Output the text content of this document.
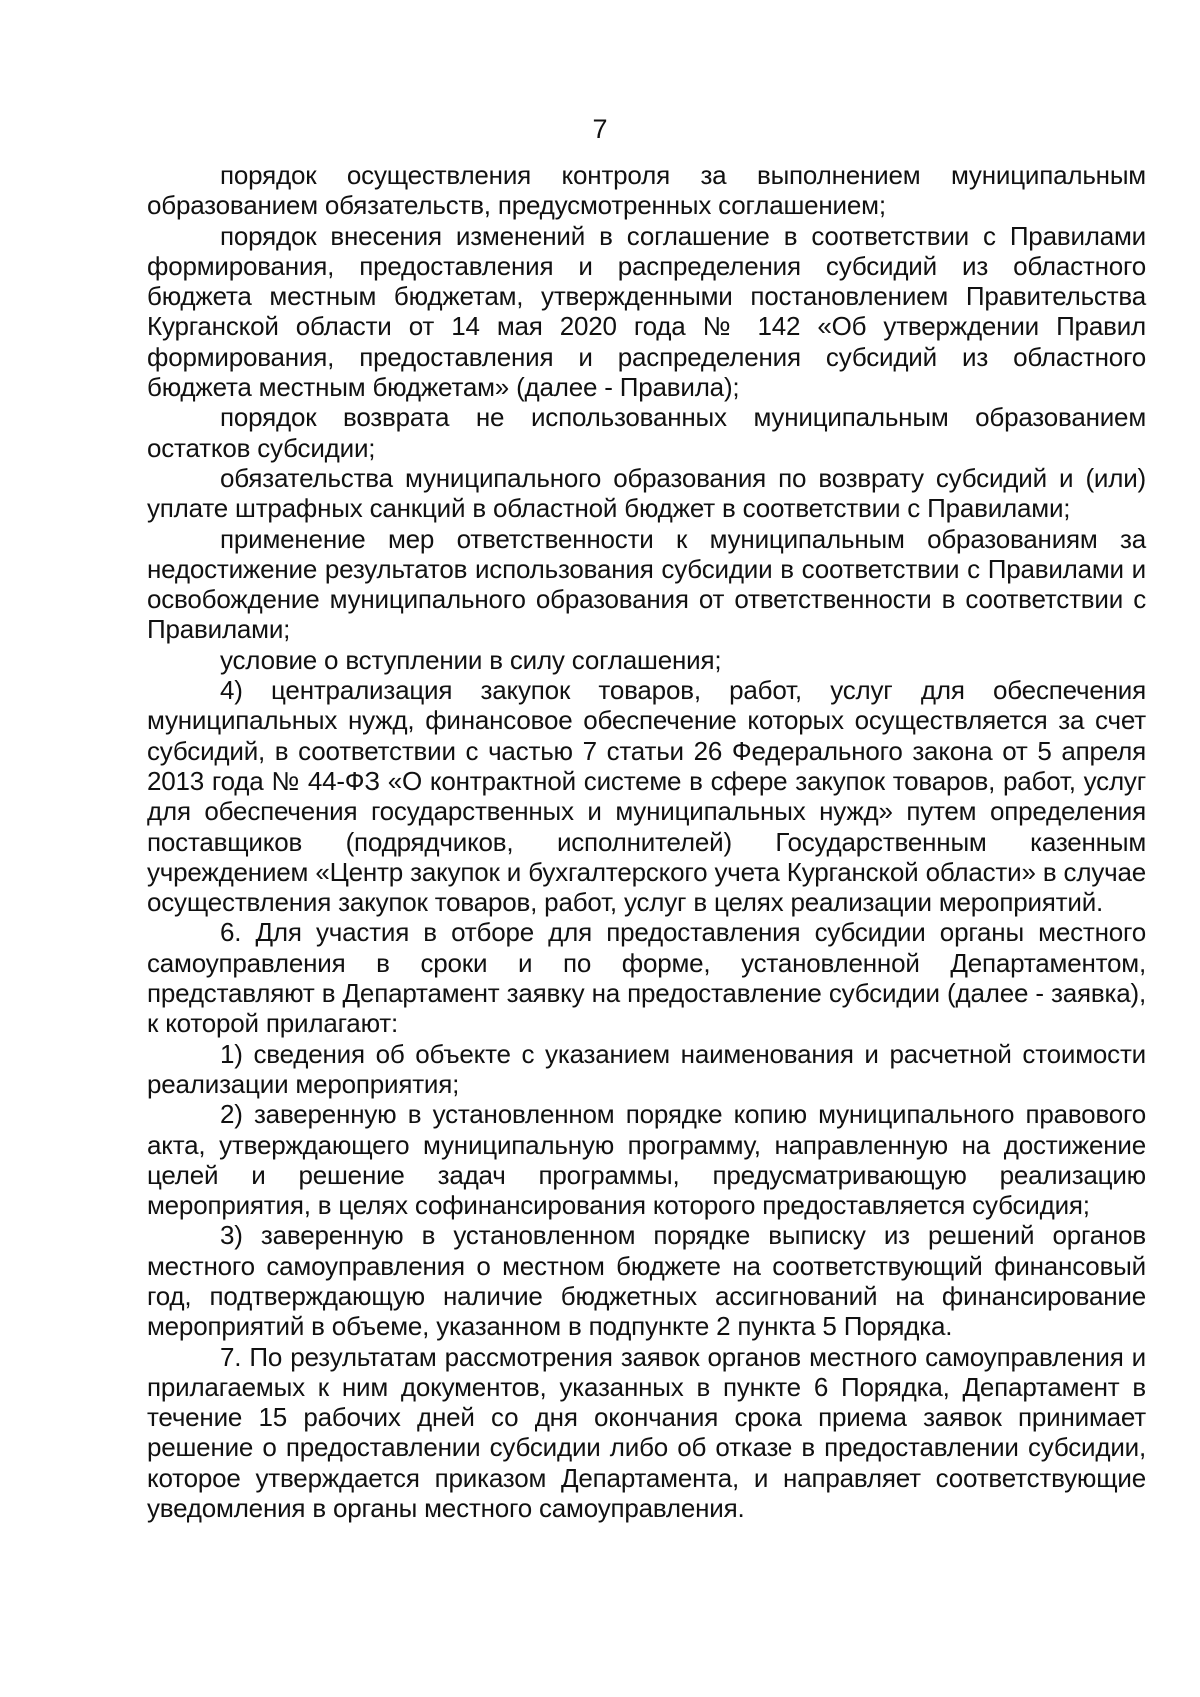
7

порядок осуществления контроля за выполнением муниципальным образованием обязательств, предусмотренных соглашением;

порядок внесения изменений в соглашение в соответствии с Правилами формирования, предоставления и распределения субсидий из областного бюджета местным бюджетам, утвержденными постановлением Правительства Курганской области от 14 мая 2020 года № 142 «Об утверждении Правил формирования, предоставления и распределения субсидий из областного бюджета местным бюджетам» (далее - Правила);

порядок возврата не использованных муниципальным образованием остатков субсидии;

обязательства муниципального образования по возврату субсидий и (или) уплате штрафных санкций в областной бюджет в соответствии с Правилами;

применение мер ответственности к муниципальным образованиям за недостижение результатов использования субсидии в соответствии с Правилами и освобождение муниципального образования от ответственности в соответствии с Правилами;

условие о вступлении в силу соглашения;

4) централизация закупок товаров, работ, услуг для обеспечения муниципальных нужд, финансовое обеспечение которых осуществляется за счет субсидий, в соответствии с частью 7 статьи 26 Федерального закона от 5 апреля 2013 года № 44-ФЗ «О контрактной системе в сфере закупок товаров, работ, услуг для обеспечения государственных и муниципальных нужд» путем определения поставщиков (подрядчиков, исполнителей) Государственным казенным учреждением «Центр закупок и бухгалтерского учета Курганской области» в случае осуществления закупок товаров, работ, услуг в целях реализации мероприятий.

6. Для участия в отборе для предоставления субсидии органы местного самоуправления в сроки и по форме, установленной Департаментом, представляют в Департамент заявку на предоставление субсидии (далее - заявка), к которой прилагают:

1) сведения об объекте с указанием наименования и расчетной стоимости реализации мероприятия;

2) заверенную в установленном порядке копию муниципального правового акта, утверждающего муниципальную программу, направленную на достижение целей и решение задач программы, предусматривающую реализацию мероприятия, в целях софинансирования которого предоставляется субсидия;

3) заверенную в установленном порядке выписку из решений органов местного самоуправления о местном бюджете на соответствующий финансовый год, подтверждающую наличие бюджетных ассигнований на финансирование мероприятий в объеме, указанном в подпункте 2 пункта 5 Порядка.

7. По результатам рассмотрения заявок органов местного самоуправления и прилагаемых к ним документов, указанных в пункте 6 Порядка, Департамент в течение 15 рабочих дней со дня окончания срока приема заявок принимает решение о предоставлении субсидии либо об отказе в предоставлении субсидии, которое утверждается приказом Департамента, и направляет соответствующие уведомления в органы местного самоуправления.
